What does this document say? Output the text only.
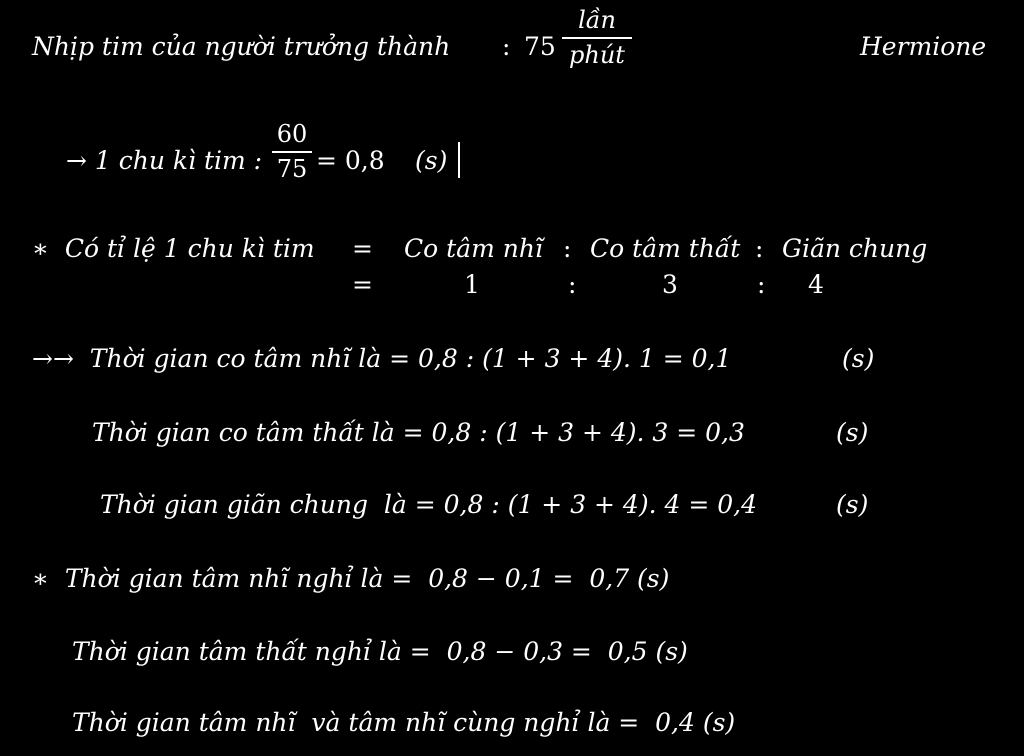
Nhịp tim của người trưởng thành : 75
lần
phút	Hermione
→ 1 chu kì tim :
60
75 = 0,8 (s)
∗  Có tỉ lệ 1 chu kì tim = Co tâm nhĩ : Co tâm thất : Giãn chung
=	1	:	3	: 4
→→  Thời gian co tâm nhĩ là = 0,8 : (1 + 3 + 4). 1 = 0,1	(s)
Thời gian co tâm thất là = 0,8 : (1 + 3 + 4). 3 = 0,3	(s)
Thời gian giãn chung  là = 0,8 : (1 + 3 + 4). 4 = 0,4	(s)
∗  Thời gian tâm nhĩ nghỉ là =  0,8 − 0,1 =  0,7 (s)
Thời gian tâm thất nghỉ là =  0,8 − 0,3 =  0,5 (s)
Thời gian tâm nhĩ  và tâm nhĩ cùng nghỉ là =  0,4 (s)
